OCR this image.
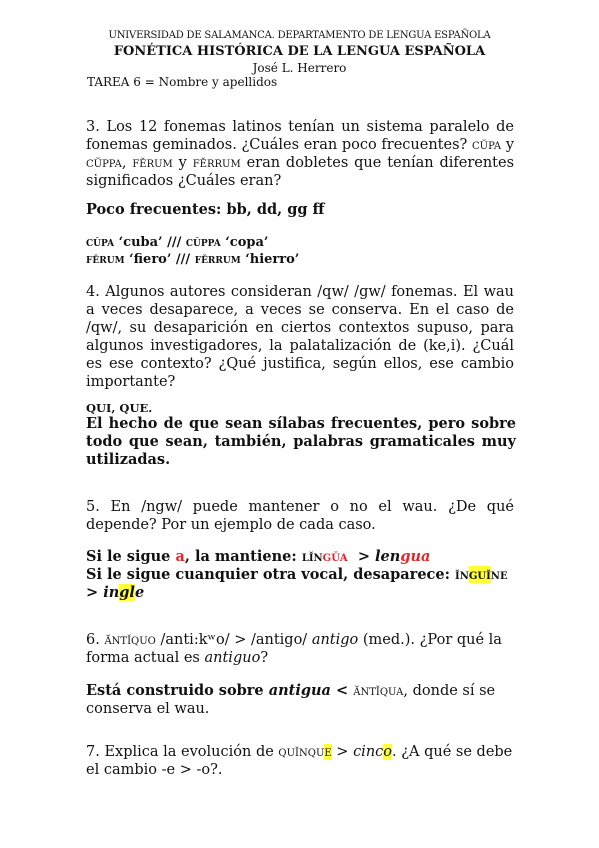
UNIVERSIDAD DE SALAMANCA. DEPARTAMENTO DE LENGUA ESPAÑOLA

FONÉTICA HISTÓRICA DE LA LENGUA ESPAÑOLA

José L. Herrero

TAREA 6 = Nombre y apellidos

3. Los 12 fonemas latinos tenían un sistema paralelo de fonemas geminados. ¿Cuáles eran poco frecuentes? cŭpa y cŭppa, fĕrum y fĕrrum eran dobletes que tenían diferentes significados ¿Cuáles eran?

Poco frecuentes: bb, dd, gg ff

cŭpa ‘cuba’ /// cŭppa ‘copa’

fĕrum ‘fiero’ /// fĕrrum ‘hierro’

4. Algunos autores consideran /qw/ /gw/ fonemas. El wau a veces desaparece, a veces se conserva. En el caso de /qw/, su desaparición en ciertos contextos supuso, para algunos investigadores, la palatalización de (ke,i). ¿Cuál es ese contexto? ¿Qué justifica, según ellos, ese cambio importante?

QUI, QUE.

El hecho de que sean sílabas frecuentes, pero sobre todo que sean, también, palabras gramaticales muy utilizadas.

5. En /ngw/ puede mantener o no el wau. ¿De qué depende? Por un ejemplo de cada caso.

Si le sigue a, la mantiene: lĭngŭa > lengua

Si le sigue cuanquier otra vocal, desaparece: ĭnguĭne

> ingle

6. ăntĭquo /anti:kʷo/ > /antigo/ antigo (med.). ¿Por qué la forma actual es antiguo?

Está construido sobre antigua < ăntĭqua, donde sí se conserva el wau.

7. Explica la evolución de quĭnque > cinco. ¿A qué se debe el cambio -e > -o?.
